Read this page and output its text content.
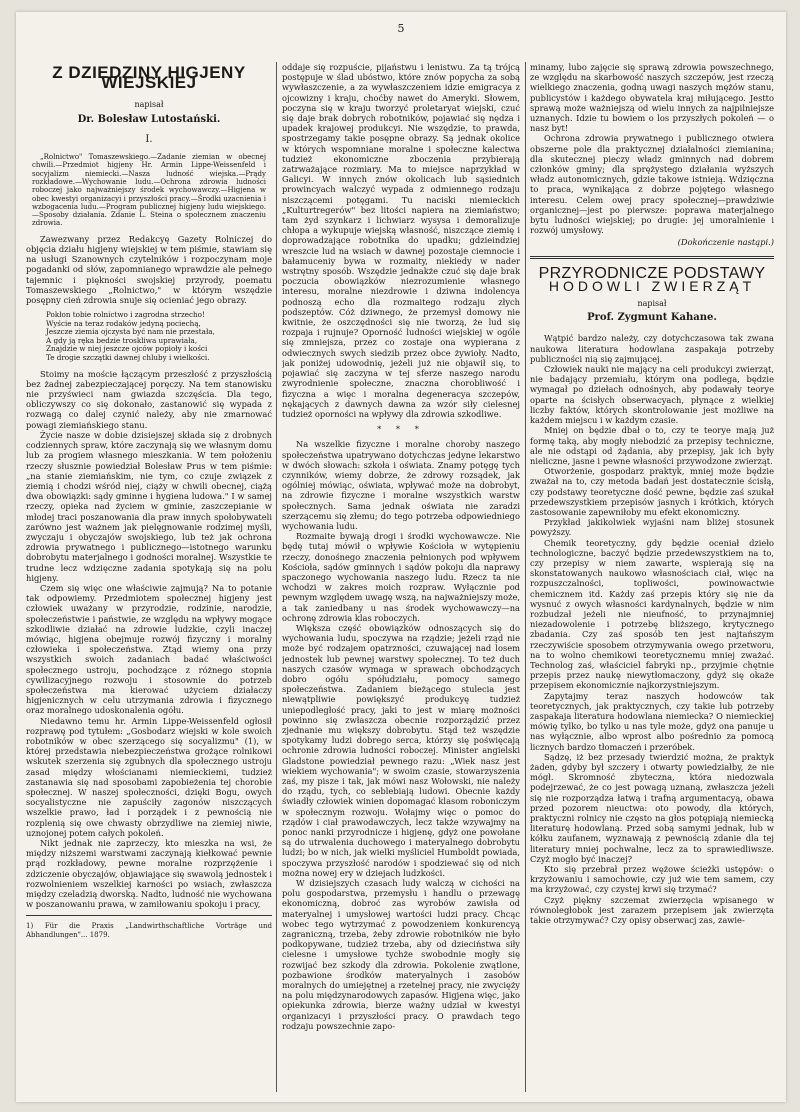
5
Z DZIEDZINY HIGJENY WIEJSKIEJ

napisał

Dr. Bolesław Lutostański.

I.

„Rolnictwo" Tomaszewskiego.—Zadanie ziemian w obecnej chwili.—Przedmiot higjeny Hr. Armin Lippe-Weissenfeld i socyjalizm niemiecki.—Nasza ludność wiejska.—Prądy rozkładowe.—Wychowanie ludu.—Ochrona zdrowia ludności roboczej jako najważniejszy środek wychowawczy.—Higjena w obec kwestyi organizacyi i przyszłości pracy.—Środki uzacnienia i wzbogacenia ludu.—Program publicznej higjeny ludu wiejskiego.—Sposoby działania. Zdanie L. Steina o społecznem znaczeniu zdrowia.

Zawezwany przez Redakcyę Gazety Rolniczej do objęcia działu higjeny wiejskiej w tem piśmie, stawiam się na usługi Szanownych czytelników i rozpoczynam moje pogadanki od słów, zapomnianego wprawdzie ale pełnego tajemnic i piękności swojskiej przyrody, poematu Tomaszewskiego „Rolnictwo," w którym wszędzie posępny cień zdrowia snuje się ocieniać jego obrazy.

Pokłon tobie rolnictwo i zagrodna strzecho!
Wyście na teraz rodaków jedyną pociechą,
Jeszcze ziemia ojczysta być nam nie przestała,
A gdy ją ręka bedzie troskliwa uprawiała,
Znajdzie w niej jeszcze ojców popioły i kości
Te drogie szczątki dawnej chluby i wielkości.

Stoimy na moście łączącym przeszłość z przyszłością bez żadnej zabezpieczającej poręczy. Na tem stanowisku nie przyświeci nam gwiazda szczęścia. Dla tego, obliczywszy co się dokonało, zastanowić się wypada z rozwagą co dalej czynić należy, aby nie zmarnować powagi ziemiańskiego stanu.

Życie nasze w dobie dzisiejszej składa się z drobnych codziennych spraw, które zaczynają się we własnym domu lub za progiem własnego mieszkania. W tem położeniu rzeczy słusznie powiedział Bolesław Prus w tem piśmie: „na stanie ziemiańskim, nie tym, co czuje związek z ziemią i chodzi wśród niej, ciąży w chwili obecnej, ciążą dwa obowiązki: sądy gminne i hygiena ludowa." I w samej rzeczy, opieka nad życiem w gminie, zaszczepianie w młodej traci poszanowania dla praw innych społobywateli zarówno jest ważnem jak pielęgnowanie rodzimej myśli, zwyczaju i obyczajów swojskiego, lub też jak ochrona zdrowia prywatnego i publicznego—istotnego warunku dobrobytu materjalnego i godności moralnej. Wszystkie te trudne lecz wdzięczne zadania spotykają się na polu higjeny.

Czem się więc one właściwie zajmują? Na to potanie tak odpowiemy. Przedmiotem społecznej higjeny jest człowiek uważany w przyrodzie, rodzinie, narodzie, społeczeństwie i państwie, ze względu na wpływy mogące szkodliwie działać na zdrowie ludzkie, czyli inaczej mówiąc, higjena obejmuje rozwój fizyczny i moralny człowieka i społeczeństwa. Ztąd wiemy ona przy wszystkich swoich zadaniach badać właściwości społecznego ustroju, pochodzące z różnego stopnia cywilizacyjnego rozwoju i stosownie do potrzeb społeczeństwa ma kierować użyciem działaczy higjenicznych w celu utrzymania zdrowia i fizycznego oraz moralnego udoskonalenia ogółu.

Niedawno temu hr. Armin Lippe-Weissenfeld ogłosił rozprawę pod tytułem: „Gosbodarz wiejski w kole swoich robotników w obec szerzącego się socyalizmu" (1), w której przedstawia niebezpieczeństwa grożące rolnikowi wskutek szerzenia się zgubnych dla społecznego ustroju zasad między włościanami niemieckiemi, tudzież zastanawia się nad sposobami zapobieżenia tej chorobie społecznej. W naszej społeczności, dzięki Bogu, owych socyalistyczne nie zapuściły zagonów niszczących wszelkie prawo, ład i porządek i z pewnością nie rozplenią się owe chwasty obrzydliwe na ziemiej niwie, uznojonej potem całych pokoleń.

Nikt jednak nie zaprzeczy, kto mieszka na wsi, że między niższemi warstwami zaczynają kiełkować pewnie prąd rozkładowy, pewne moralne rozprzężenie i zdziczenie obyczajów, objawiające się swawolą jednostek i rozwolnieniem wszelkiej karności po wsiach, zwłaszcza między czeladzią dworską. Nadto, ludność nie wychowana w poszanowaniu prawa, w zamiłowaniu spokoju i pracy,

1) Für die Praxis „Landwirthschaftliche Vorträge und Abhandlungen"... 1879.

oddaje się rozpuście, pijaństwu i lenistwu. Za tą trójcą postępuje w ślad ubóstwo, które znów popycha za sobą wywłaszczenie, a za wywłaszczeniem idzie emigracya z ojcowizny i kraju, choćby nawet do Ameryki. Słowem, poczyna się w kraju tworzyć proletaryat wiejski, czuć się daje brak dobrych robotników, pojawiać się nędza i upadek krajowej produkcyi. Nie wszędzie, to prawda, spostrzegamy takie posępne obrazy. Są jednak okolice w których wspomniane moralne i społeczne kalectwa tudzież ekonomiczne zboczenia przybierają zatrważające rozmiary. Ma to miejsce naprzykład w Galicyi. W innych znów okolicach lub sąsiednich prowincyach walczyć wypada z odmiennego rodzaju niszczącemi potęgami. Tu naciski niemieckich „Kulturtregerów" bez litości napiera na ziemiaństwo; tam żyd szynkarz i lichwiarz wysysa i demoralizuje chłopa a wykupuje wiejską własność, niszczące ziemię i doprowadzające robotnika do upadku; gdzieindziej wreszcie lud na wsiach w dawnej pozostaje ciemnocie i bałamuceniy bywa w rozmaity, niekiedy w nader wstrętny sposób. Wszędzie jednakże czuć się daje brak poczucia obowiązków niezrozumienie własnego interesu, moralne niezdrowie i dziwna indolencya podnoszą echo dla rozmaitego rodzaju złych podszeptów. Cóż dziwnego, że przemysł domowy nie kwitnie, że oszczędności się nie tworzą, że lud się rozpaja i rujnuje? Oporność ludności wiejskiej w ogóle się zmniejsza, przez co zostaje ona wypierana z odwiecznych swych siedzib przez obce żywioły. Nadto, jak poniżej udowodnię, jeżeli już nie objawił się, to pojawiać się zaczyna w tej sferze naszego narodu zwyrodnienie społeczne, znaczna chorobliwość i fizyczna a więc i moralna degeneracya szczepów, nękających z dawnych dawna za wzór siły cielesnej tudzież oporności na wpływy dla zdrowia szkodliwe.

* * *

Na wszelkie fizyczne i moralne choroby naszego społeczeństwa upatrywano dotychczas jedyne lekarstwo w dwóch słowach: szkoła i oświata. Znamy potęgę tych czynników, wiemy dobrze, że zdrowy rozsądek, jak ogólniej mówiąc, oświata, wpływać może na dobrobyt, na zdrowie fizyczne i moralne wszystkich warstw społecznych. Sama jednak oświata nie zaradzi szerzącemu się złemu; do tego potrzeba odpowiedniego wychowania ludu.

Rozmaite bywają drogi i środki wychowawcze. Nie będę tutaj mówił o wpływie Kościoła w wytępieniu rzeczy, donośnego znaczenia pełnionych pod wpływem Kościoła, sądów gminnych i sądów pokoju dla naprawy spaczonego wychowania naszego ludu. Rzecz ta nie wchodzi w zakres moich rozpraw. Wyłącznie pod pewnym względem uwagę wszą, na najważniejszy może, a tak zaniedbany u nas środek wychowawczy—na ochronę zdrowia klas roboczych.

Większa część obowiązków odnoszących się do wychowania ludu, spoczywa na rządzie; jeżeli rząd nie może być rodzajem opatrzności, czuwającej nad losem jednostek lub pewnej warstwy społecznej. To też duch naszych czasów wymaga w sprawach obchodzących dobro ogółu spółudziału, pomocy samego społeczeństwa. Zadaniem bieżącego stulecia jest niewątpliwie powiększyć produkcyę tudzież uniepodległość pracy, jaki to jest w miarę możności powinno się zwłaszcza obecnie rozporządzić przez zjednanie mu większy dobrobytu. Stąd też wszędzie spotykamy ludzi dobrego serca, którzy się poświęcają ochronie zdrowia ludności roboczej. Minister angielski Gladstone powiedział pewnego razu: „Wiek nasz jest wiekiem wychowania"; w swoim czasie, stowarzyszenia zaś, my pisze i tak, jak mówi nasz Wołowski, nie należy do rządu, tych, co seblebiają ludowi. Obecnie każdy świadły człowiek winien dopomagać klasom roboniczym w społecznym rozwoju. Wołajmy więc o pomoc do rządów i ciał prawodawczych, lecz także wzywajmy na ponoc nanki przyrodnicze i higjenę, gdyż one powołane są do utrwalenia duchowego i materyalnego dobrobytu ludzi; bo w nich, jak wielki myśliciel Humboldt powiada, spoczywa przyszłość narodów i spodziewać się od nich można nowej ery w dziejach ludzkości.

W dzisiejszych czasach ludy walczą w cichości na polu gospodarstwa, przemysłu i handlu o przewagę ekonomiczną, dobroć zas wyrobów zawisła od materyalnej i umysłowej wartości ludzi pracy. Chcąc wobec tego wytrzymać z powodzeniem konkurencyą zagraniczną, trzeba, żeby zdrowie robotników nie było podkopywane, tudzież trzeba, aby od dzieciństwa siły cielesne i umysłowe tychże swobodnie mogły się rozwijać bez szkody dla zdrowia. Pokolenie zwątlone, pozbawione środków materyalnych i zasobów moralnych do umiejętnej a rzetelnej pracy, nie zwycięży na polu międzynarodowych zapasów. Higjena więc, jako opiekunka zdrowia, bierze ważny udział w kwestyi organizacyi i przyszłości pracy. O prawdach tego rodzaju powszechnie zapo-

minamy, lubo zajęcie się sprawą zdrowia powszechnego, ze względu na skarbowość naszych szczepów, jest rzeczą wielkiego znaczenia, godną uwagi naszych mężów stanu, publicystów i każdego obywatela kraj miłującego. Jestto sprawą może ważniejszą od wielu innych za najpilniejsze uznanych. Idzie tu bowiem o los przyszłych pokoleń — o nasz byt!

Ochrona zdrowia prywatnego i publicznego otwiera obszerne pole dla praktycznej działalności ziemianina; dla skutecznej pieczy władz gminnych nad dobrem członków gminy; dla sprężystego działania wyższych władz autonomicznych, gdzie takowe istnieją. Wdzięczna to praca, wynikająca z dobrze pojętego własnego interesu. Celem owej pracy społecznej—prawdziwie organicznej—jest po pierwsze: poprawa materjalnego bytu ludności wiejskiej; po drugie: jej umoralnienie i rozwój umysłowy.

(Dokończenie nastąpi.)

PRZYRODNICZE PODSTAWY

HODOWLI ZWIERZĄT

napisał

Prof. Zygmunt Kahane.

Wątpić bardzo należy, czy dotychczasowa tak zwana naukowa literatura hodowlana zaspakaja potrzeby publiczności nią się zajmującej.

Człowiek nauki nie mający na celi produkcyi zwierząt, nie badający przemiału, którym ona podlega, będzie wymagał po dziełach odnośnych, aby podawały teorye oparte na ścisłych obserwacyach, płynące z wielkiej liczby faktów, których skontrolowanie jest możliwe na każdem miejscu i w każdym czasie.

Mniej on będzie dbał o to, czy te teorye mają już formę taką, aby mogły niebodzić za przepisy techniczne, ale nie odstąpi od żądania, aby przepisy, jak ich były nieliczne, jasne i pewne własności przywodzone zwierząt.

Otworżenie, gospodarz praktyk, mniej może będzie zważał na to, czy metoda badań jest dostatecznie ścisłą, czy podstawy teoretyczne dość pewne, będzie zaś szukał przedewszystkiem przepisów jasnych i krótkich, których zastosowanie zapewniłoby mu efekt ekonomiczny.

Przykład jakikolwiek wyjaśni nam bliżej stosunek powyższy.

Chemik teoretyczny, gdy będzie oceniał dzieło technologiczne, baczyć będzie przedewszystkiem na to, czy przepisy w niem zawarte, wspierają się na skonstatowanych naukowo własnościach ciał, więc na rozpuszczalności, topliwości, powinowactwie chemicznem itd. Każdy zaś przepis który się nie da wysnuć z owych własności kardynalnych, będzie w nim rozbudzał jeżeli nie nieufność, to przynajmniej niezadowolenie i potrzebę bliższego, krytycznego zbadania. Czy zaś sposób ten jest najtańszym rzeczywiście sposobem otrzymywania owego przetworu, na to wolno chemikowi teoretycznemu mniej zważać. Technolog zaś, właściciel fabryki np., przyjmie chętnie przepis przez naukę niewytłomaczony, gdyż się okaże przepisem ekonomicznie najkorzystniejszym.

Zapytajmy teraz naszych hodowców tak teoretycznych, jak praktycznych, czy takie lub potrzeby zaspakaja literatura hodowlana niemiecka? O niemieckiej mówię tylko, bo tylko u nas tyle może, gdyż ona panuje u nas wyłącznie, albo wprost albo pośrednio za pomocą licznych bardzo tłomaczeń i przeróbek.

Sądzę, iż bez przesady twierdzić można, że praktyk żaden, gdyby był szczery i otwarty powiedziałby, że nie mógł. Skromność zbyteczna, która niedozwala podejrzewać, że co jest powagą uznaną, zwłaszcza jeżeli się nie rozporządza łatwą i trafną argumentacyą, obawa przed pozorem nieuctwa: oto powody, dla których, praktyczni rolnicy nie często na głos potępiają niemiecką literaturę hodowlaną. Przed sobą samymi jednak, lub w kółku zaufanem, wyznawają z pewnością zdanie dla tej literatury mniej pochwalne, lecz za to sprawiedliwsze. Czyż mogło być inaczej?

Kto się przebrał przez wężowe ścieżki ustępów: o krzyżowaniu i samochowie, czy już wie tem samem, czy ma krzyżować, czy czystej krwi się trzymać?

Czyż piękny szczemat zwierzęcia wpisanego w równoległobok jest zarazem przepisem jak zwierzęta takie otrzymywać? Czy opisy obserwacj zas, zawie-
